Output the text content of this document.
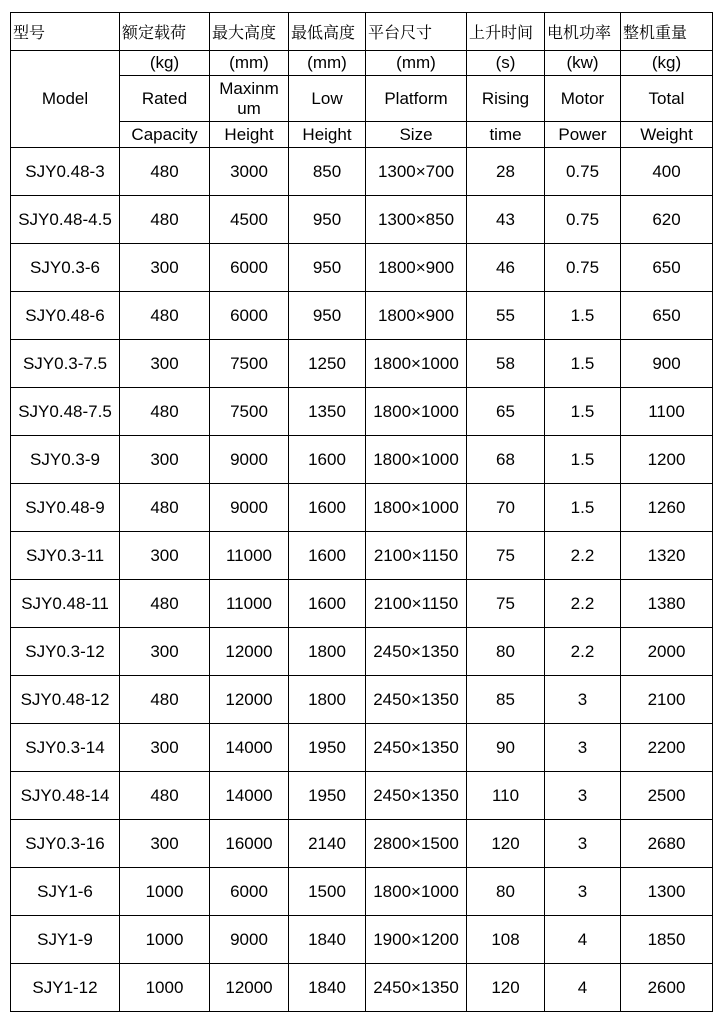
型号	额定载荷	最大高度	最低高度	平台尺寸	上升时间	电机功率	整机重量
Model	(kg)	(mm)	(mm)	(mm)	(s)	(kw)	(kg)
	Rated	Maxinm um	Low	Platform	Rising	Motor	Total
	Capacity	Height	Height	Size	time	Power	Weight
SJY0.48-3	480	3000	850	1300×700	28	0.75	400
SJY0.48-4.5	480	4500	950	1300×850	43	0.75	620
SJY0.3-6	300	6000	950	1800×900	46	0.75	650
SJY0.48-6	480	6000	950	1800×900	55	1.5	650
SJY0.3-7.5	300	7500	1250	1800×1000	58	1.5	900
SJY0.48-7.5	480	7500	1350	1800×1000	65	1.5	1100
SJY0.3-9	300	9000	1600	1800×1000	68	1.5	1200
SJY0.48-9	480	9000	1600	1800×1000	70	1.5	1260
SJY0.3-11	300	11000	1600	2100×1150	75	2.2	1320
SJY0.48-11	480	11000	1600	2100×1150	75	2.2	1380
SJY0.3-12	300	12000	1800	2450×1350	80	2.2	2000
SJY0.48-12	480	12000	1800	2450×1350	85	3	2100
SJY0.3-14	300	14000	1950	2450×1350	90	3	2200
SJY0.48-14	480	14000	1950	2450×1350	110	3	2500
SJY0.3-16	300	16000	2140	2800×1500	120	3	2680
SJY1-6	1000	6000	1500	1800×1000	80	3	1300
SJY1-9	1000	9000	1840	1900×1200	108	4	1850
SJY1-12	1000	12000	1840	2450×1350	120	4	2600
